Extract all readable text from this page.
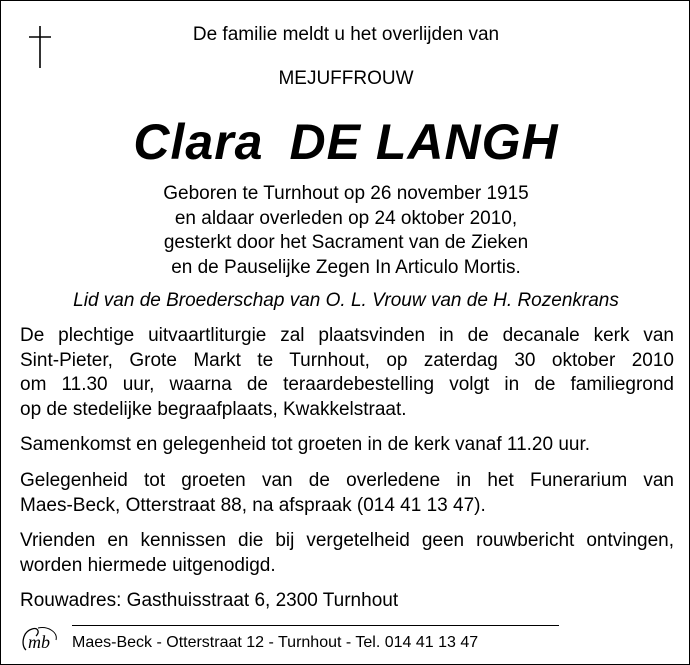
De familie meldt u het overlijden van
MEJUFFROUW
Clara DE LANGH
Geboren te Turnhout op 26 november 1915
en aldaar overleden op 24 oktober 2010,
gesterkt door het Sacrament van de Zieken
en de Pauselijke Zegen In Articulo Mortis.
Lid van de Broederschap van O. L. Vrouw van de H. Rozenkrans
De plechtige uitvaartliturgie zal plaatsvinden in de decanale kerk van
Sint-Pieter, Grote Markt te Turnhout, op zaterdag 30 oktober 2010
om 11.30 uur, waarna de teraardebestelling volgt in de familiegrond
op de stedelijke begraafplaats, Kwakkelstraat.
Samenkomst en gelegenheid tot groeten in de kerk vanaf 11.20 uur.
Gelegenheid tot groeten van de overledene in het Funerarium van
Maes-Beck, Otterstraat 88, na afspraak (014 41 13 47).
Vrienden en kennissen die bij vergetelheid geen rouwbericht ontvingen,
worden hiermede uitgenodigd.
Rouwadres: Gasthuisstraat 6, 2300 Turnhout
mb Maes-Beck - Otterstraat 12 - Turnhout - Tel. 014 41 13 47
